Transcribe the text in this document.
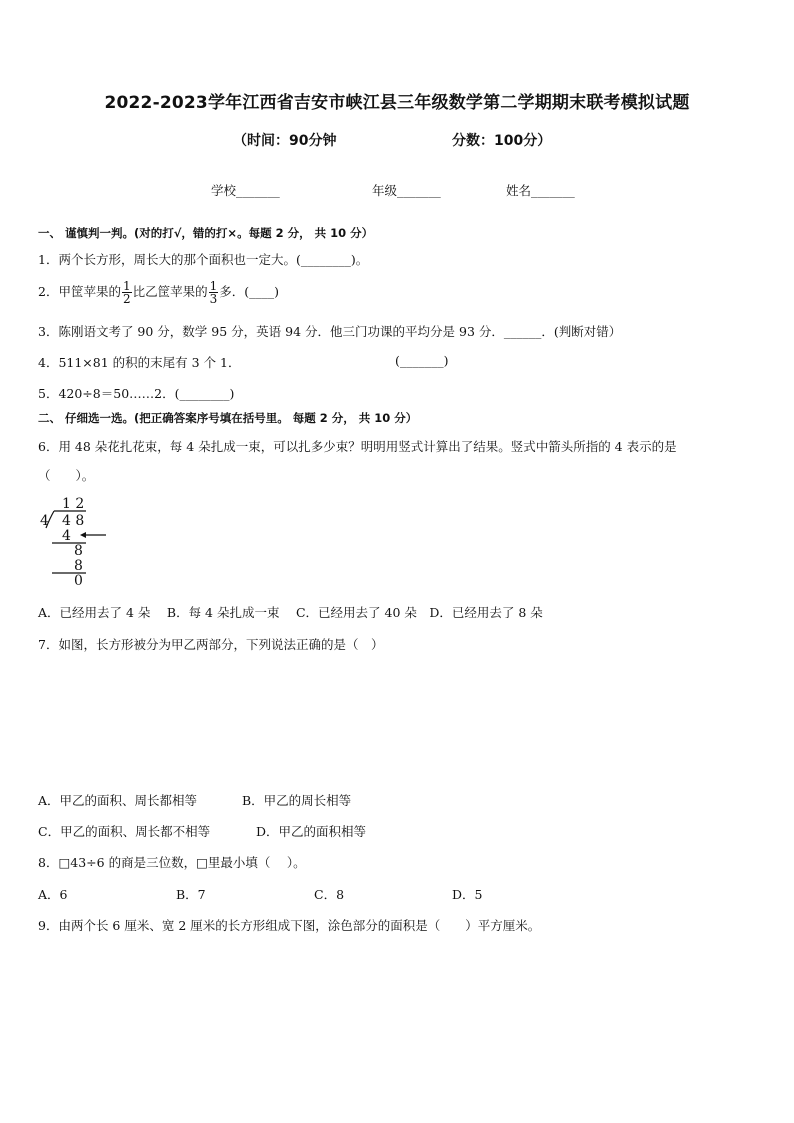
2022-2023学年江西省吉安市峡江县三年级数学第二学期期末联考模拟试题
（时间：90分钟	分数：100分）
学校_______	年级_______	姓名_______
一、 谨慎判一判。(对的打√，错的打×。每题 2 分， 共 10 分）
1．两个长方形，周长大的那个面积也一定大。(________)。
2．甲筐苹果的 $\frac{1}{2}$ 比乙筐苹果的 $\frac{1}{3}$ 多．(____)
3．陈刚语文考了 90 分，数学 95 分，英语 94 分．他三门功课的平均分是 93 分．______．(判断对错）
4．511×81 的积的末尾有 3 个 1．	(_______)
5．420÷8＝50……2．(________)
二、 仔细选一选。(把正确答案序号填在括号里。 每题 2 分， 共 10 分）
6．用 48 朵花扎花束，每 4 朵扎成一束，可以扎多少束？明明用竖式计算出了结果。竖式中箭头所指的 4 表示的是
（　　）。
1 2
4 4 8
4
8
8
0
A．已经用去了 4 朵　 B．每 4 朵扎成一束　 C．已经用去了 40 朵　D．已经用去了 8 朵
7．如图，长方形被分为甲乙两部分，下列说法正确的是（　）
A．甲乙的面积、周长都相等	B．甲乙的周长相等
C．甲乙的面积、周长都不相等	D．甲乙的面积相等
8．□43÷6 的商是三位数，□里最小填（　 ）。
A．6	B．7	C．8	D．5
9．由两个长 6 厘米、宽 2 厘米的长方形组成下图，涂色部分的面积是（　　）平方厘米。
